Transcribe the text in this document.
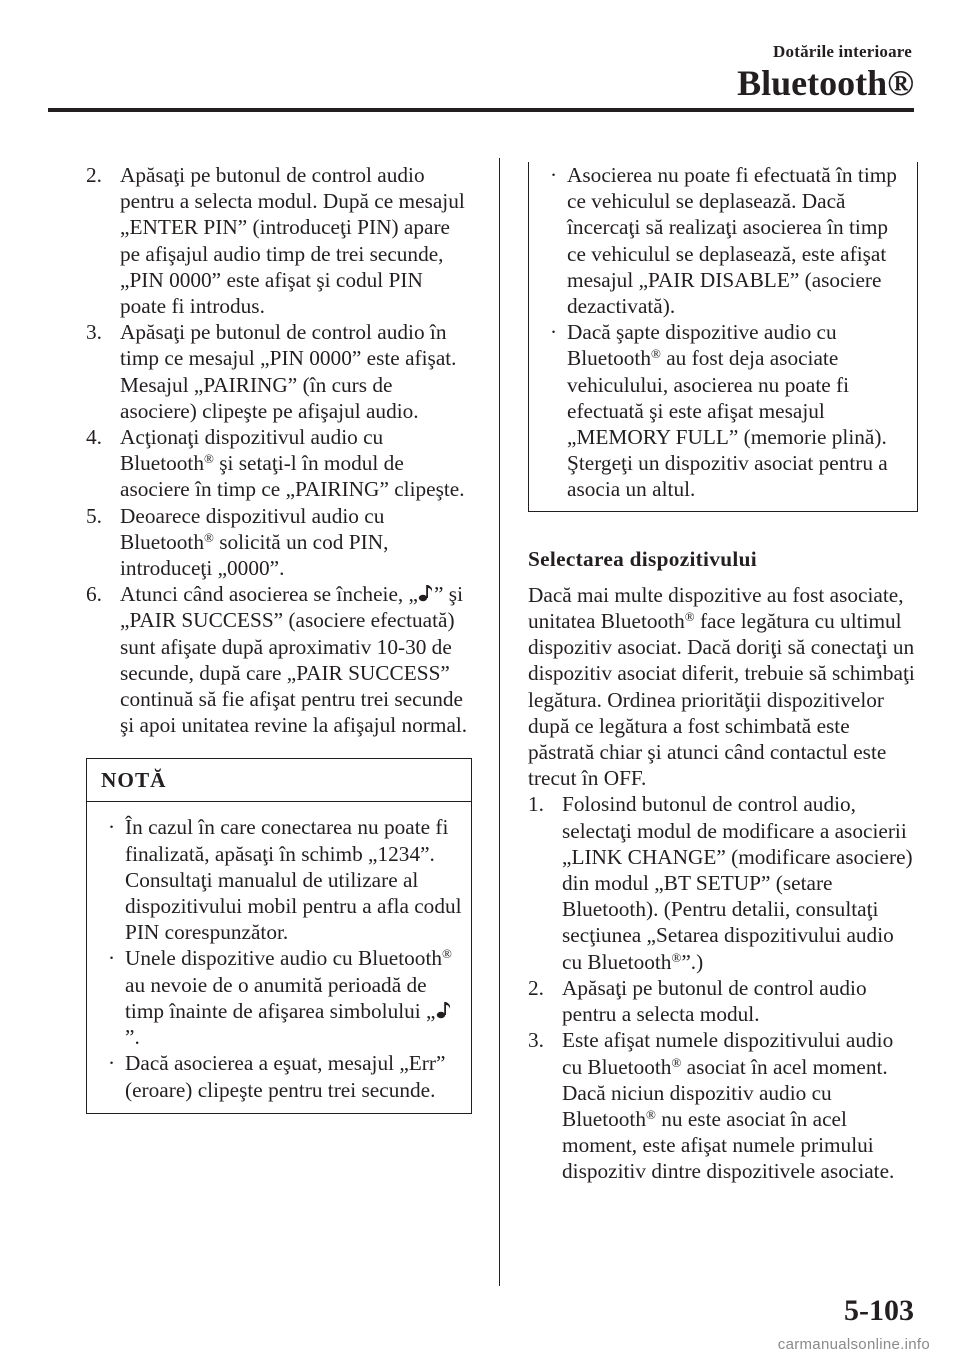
Dotările interioare
Bluetooth®
2. Apăsaţi pe butonul de control audio pentru a selecta modul. După ce mesajul „ENTER PIN” (introduceţi PIN) apare pe afişajul audio timp de trei secunde, „PIN 0000” este afişat şi codul PIN poate fi introdus.
3. Apăsaţi pe butonul de control audio în timp ce mesajul „PIN 0000” este afişat. Mesajul „PAIRING” (în curs de asociere) clipeşte pe afişajul audio.
4. Acţionaţi dispozitivul audio cu Bluetooth® şi setaţi-l în modul de asociere în timp ce „PAIRING” clipeşte.
5. Deoarece dispozitivul audio cu Bluetooth® solicită un cod PIN, introduceţi „0000”.
6. Atunci când asocierea se încheie, „ ” şi „PAIR SUCCESS” (asociere efectuată) sunt afişate după aproximativ 10-30 de secunde, după care „PAIR SUCCESS” continuă să fie afişat pentru trei secunde şi apoi unitatea revine la afişajul normal.
NOTĂ
· În cazul în care conectarea nu poate fi finalizată, apăsaţi în schimb „1234”. Consultaţi manualul de utilizare al dispozitivului mobil pentru a afla codul PIN corespunzător.
· Unele dispozitive audio cu Bluetooth® au nevoie de o anumită perioadă de timp înainte de afişarea simbolului „”.
· Dacă asocierea a eşuat, mesajul „Err” (eroare) clipeşte pentru trei secunde.
· Asocierea nu poate fi efectuată în timp ce vehiculul se deplasează. Dacă încercaţi să realizaţi asocierea în timp ce vehiculul se deplasează, este afişat mesajul „PAIR DISABLE” (asociere dezactivată).
· Dacă şapte dispozitive audio cu Bluetooth® au fost deja asociate vehiculului, asocierea nu poate fi efectuată şi este afişat mesajul „MEMORY FULL” (memorie plină). Ştergeţi un dispozitiv asociat pentru a asocia un altul.
Selectarea dispozitivului
Dacă mai multe dispozitive au fost asociate, unitatea Bluetooth® face legătura cu ultimul dispozitiv asociat. Dacă doriţi să conectaţi un dispozitiv asociat diferit, trebuie să schimbaţi legătura. Ordinea priorităţii dispozitivelor după ce legătura a fost schimbată este păstrată chiar şi atunci când contactul este trecut în OFF.
1. Folosind butonul de control audio, selectaţi modul de modificare a asocierii „LINK CHANGE” (modificare asociere) din modul „BT SETUP” (setare Bluetooth). (Pentru detalii, consultaţi secţiunea „Setarea dispozitivului audio cu Bluetooth®”.)
2. Apăsaţi pe butonul de control audio pentru a selecta modul.
3. Este afişat numele dispozitivului audio cu Bluetooth® asociat în acel moment. Dacă niciun dispozitiv audio cu Bluetooth® nu este asociat în acel moment, este afişat numele primului dispozitiv dintre dispozitivele asociate.
5-103
carmanualsonline.info
